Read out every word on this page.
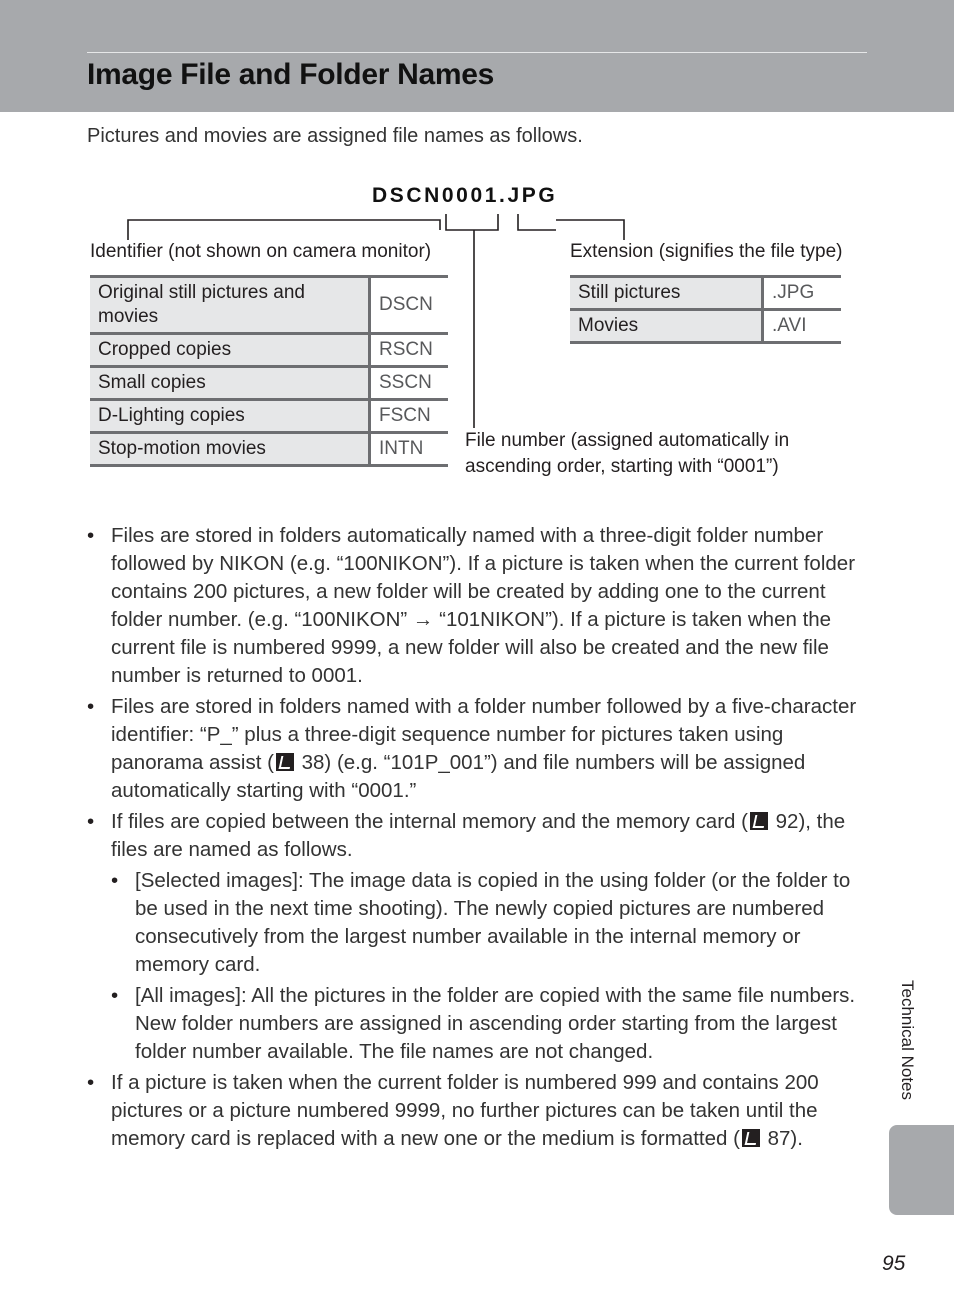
Image File and Folder Names
Pictures and movies are assigned file names as follows.
DSCN0001.JPG
Identifier (not shown on camera monitor)	Extension (signifies the file type)
Original still pictures and movies	DSCN
Cropped copies	RSCN
Small copies	SSCN
D-Lighting copies	FSCN
Stop-motion movies	INTN
Still pictures	.JPG
Movies	.AVI
File number (assigned automatically in
ascending order, starting with “0001”)
• Files are stored in folders automatically named with a three-digit folder number followed by NIKON (e.g. “100NIKON”). If a picture is taken when the current folder contains 200 pictures, a new folder will be created by adding one to the current folder number. (e.g. “100NIKON” → “101NIKON”). If a picture is taken when the current file is numbered 9999, a new folder will also be created and the new file number is returned to 0001.
• Files are stored in folders named with a folder number followed by a five-character identifier: “P_” plus a three-digit sequence number for pictures taken using panorama assist ( 38) (e.g. “101P_001”) and file numbers will be assigned automatically starting with “0001.”
• If files are copied between the internal memory and the memory card ( 92), the files are named as follows.
• [Selected images]: The image data is copied in the using folder (or the folder to be used in the next time shooting). The newly copied pictures are numbered consecutively from the largest number available in the internal memory or memory card.
• [All images]: All the pictures in the folder are copied with the same file numbers. New folder numbers are assigned in ascending order starting from the largest folder number available. The file names are not changed.
• If a picture is taken when the current folder is numbered 999 and contains 200 pictures or a picture numbered 9999, no further pictures can be taken until the memory card is replaced with a new one or the medium is formatted ( 87).
Technical Notes
95
